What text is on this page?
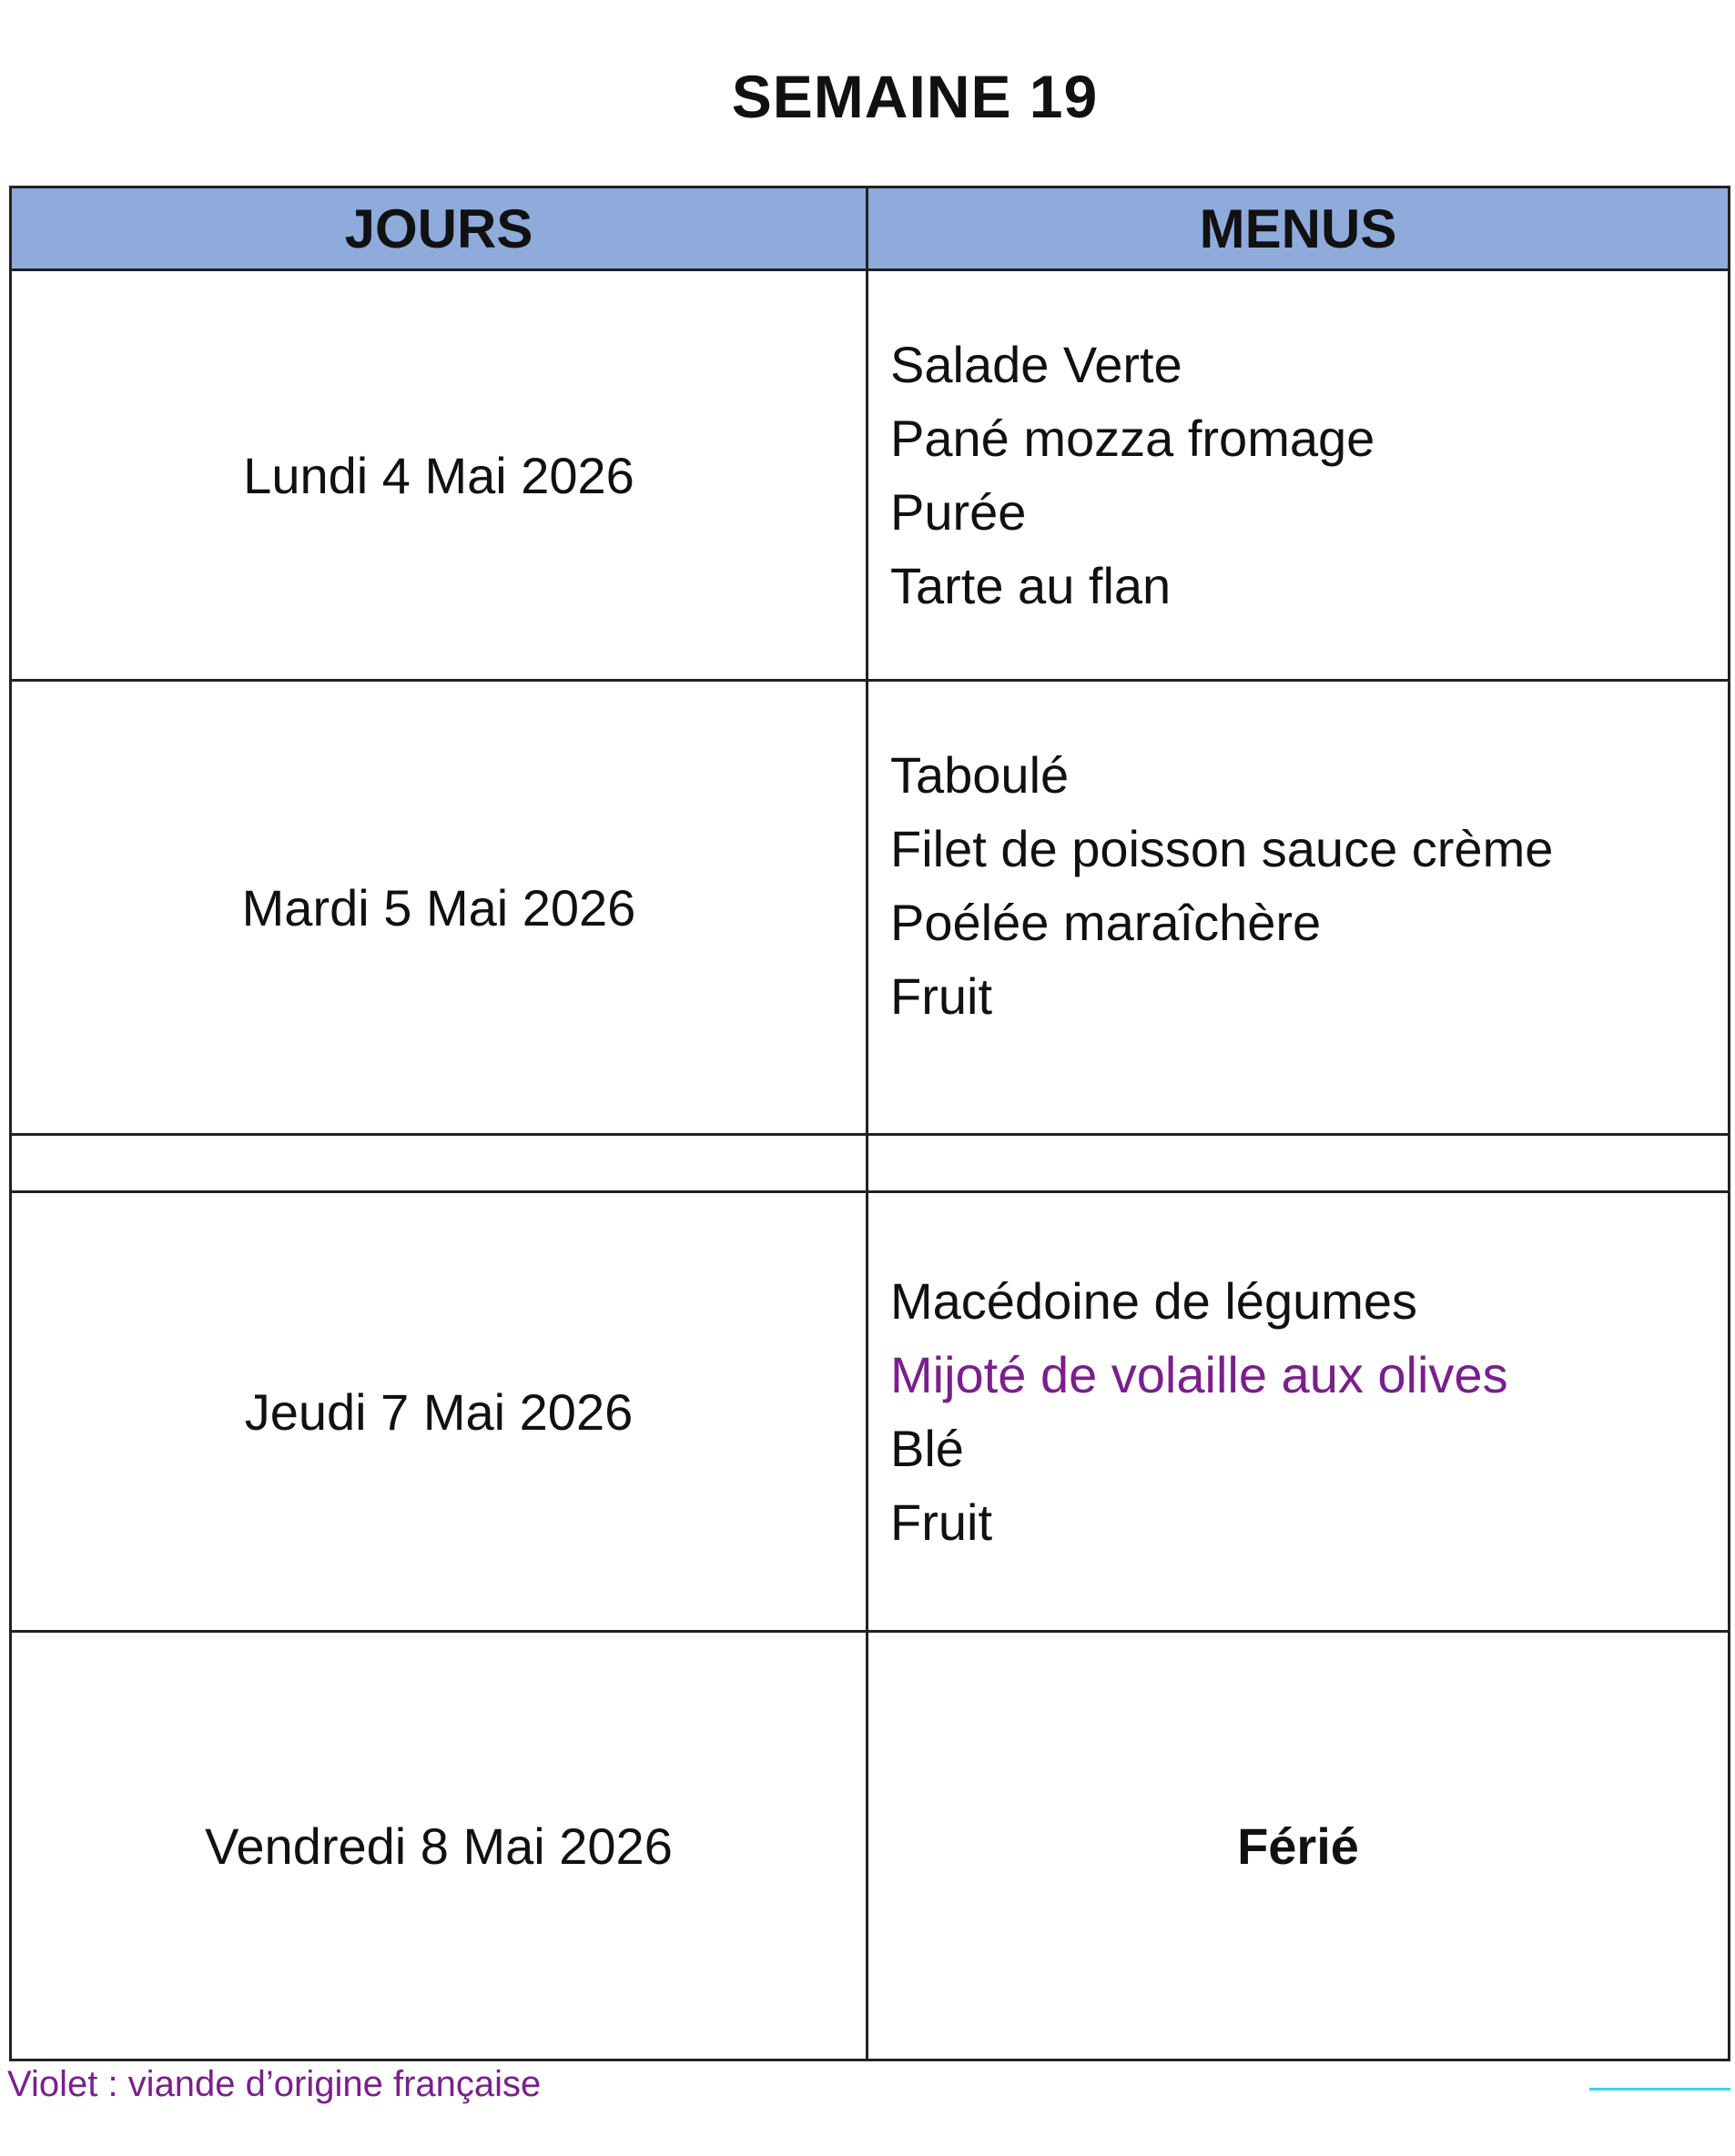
SEMAINE 19
JOURS	MENUS
Lundi 4 Mai 2026	Salade Verte
Pané mozza fromage
Purée
Tarte au flan

Mardi 5 Mai 2026	Taboulé
Filet de poisson sauce crème
Poélée maraîchère
Fruit

Jeudi 7 Mai 2026	Macédoine de légumes
Mijoté de volaille aux olives
Blé
Fruit

Vendredi 8 Mai 2026	Férié
Violet : viande d’origine française
